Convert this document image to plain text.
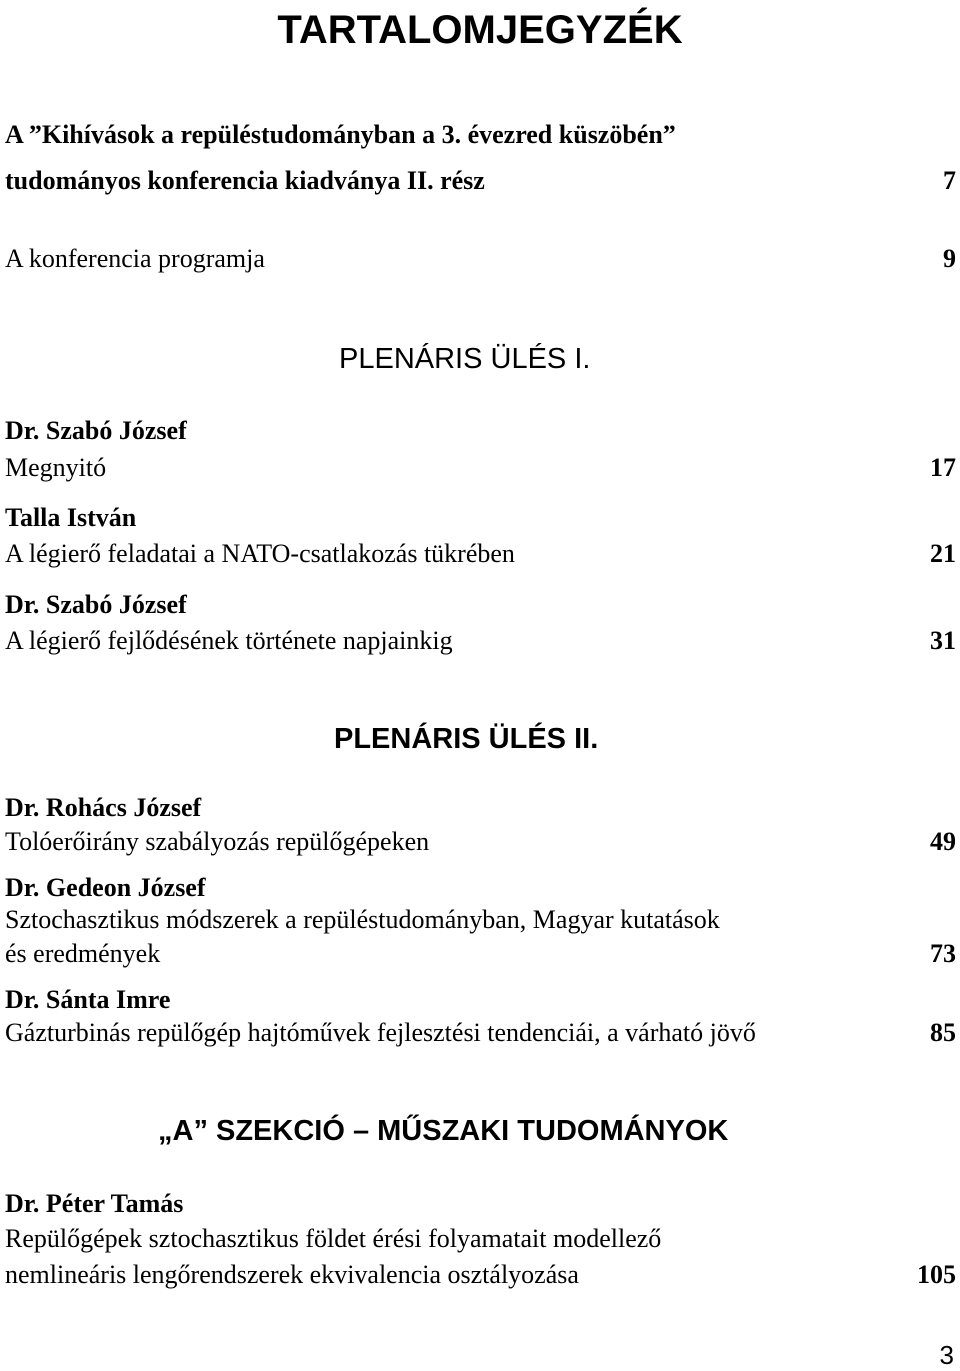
TARTALOMJEGYZÉK
A ”Kihívások a repüléstudományban a 3. évezred küszöbén”
tudományos konferencia kiadványa II. rész	7
A konferencia programja	9
PLENÁRIS ÜLÉS I.
Dr. Szabó József
Megnyitó	17
Talla István
A légierő feladatai a NATO-csatlakozás tükrében	21
Dr. Szabó József
A légierő fejlődésének története napjainkig	31
PLENÁRIS ÜLÉS II.
Dr. Rohács József
Tolóerőirány szabályozás repülőgépeken	49
Dr. Gedeon József
Sztochasztikus módszerek a repüléstudományban, Magyar kutatások
és eredmények	73
Dr. Sánta Imre
Gázturbinás repülőgép hajtóművek fejlesztési tendenciái, a várható jövő	85
„A” SZEKCIÓ – MŰSZAKI TUDOMÁNYOK
Dr. Péter Tamás
Repülőgépek sztochasztikus földet érési folyamatait modellező
nemlineáris lengőrendszerek ekvivalencia osztályozása	105
3
